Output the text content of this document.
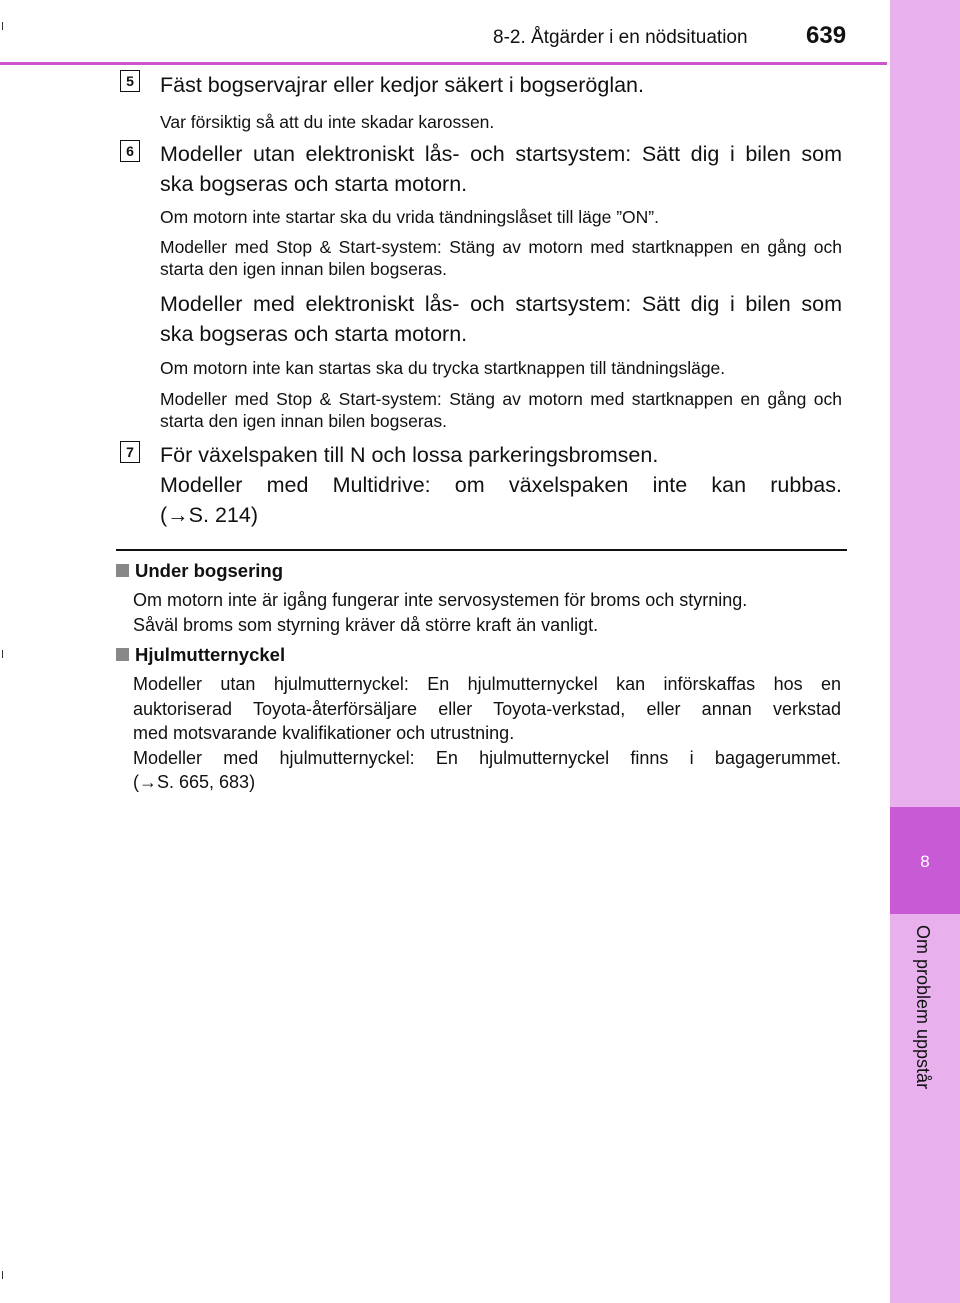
8-2. Åtgärder i en nödsituation 639
8
Om problem uppstår
5 Fäst bogservajrar eller kedjor säkert i bogseröglan.
Var försiktig så att du inte skadar karossen.
6 Modeller utan elektroniskt lås- och startsystem: Sätt dig i bilen som
ska bogseras och starta motorn.
Om motorn inte startar ska du vrida tändningslåset till läge ”ON”.
Modeller med Stop & Start-system: Stäng av motorn med startknappen en gång och starta den igen innan bilen bogseras.
Modeller med elektroniskt lås- och startsystem: Sätt dig i bilen som
ska bogseras och starta motorn.
Om motorn inte kan startas ska du trycka startknappen till tändningsläge.
Modeller med Stop & Start-system: Stäng av motorn med startknappen en gång och starta den igen innan bilen bogseras.
7 För växelspaken till N och lossa parkeringsbromsen.
Modeller med Multidrive: om växelspaken inte kan rubbas.
(→S. 214)
Under bogsering
Om motorn inte är igång fungerar inte servosystemen för broms och styrning.
Såväl broms som styrning kräver då större kraft än vanligt.
Hjulmutternyckel
Modeller utan hjulmutternyckel: En hjulmutternyckel kan införskaffas hos en
auktoriserad Toyota-återförsäljare eller Toyota-verkstad, eller annan verkstad
med motsvarande kvalifikationer och utrustning.
Modeller med hjulmutternyckel: En hjulmutternyckel finns i bagagerummet.
(→S. 665, 683)
